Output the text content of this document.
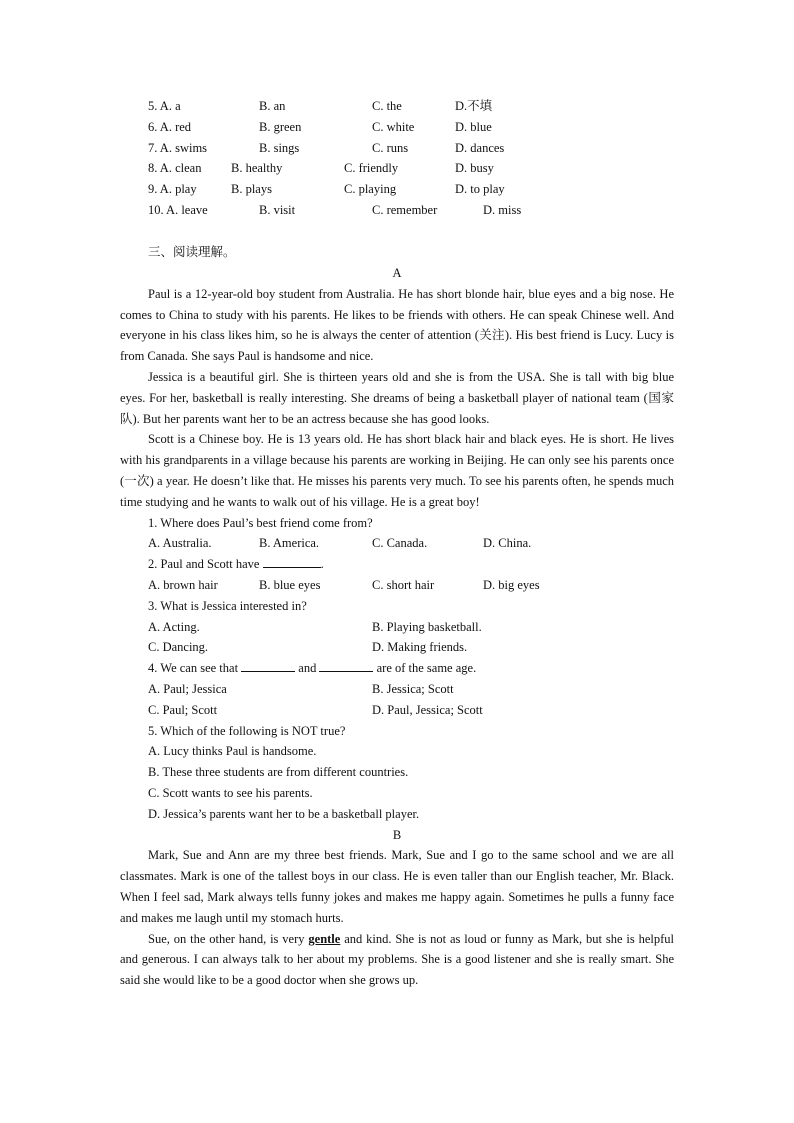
5. A. a	B. an	C. the	D.不填
6. A. red	B. green	C. white	D. blue
7. A. swims	B. sings	C. runs	D. dances
8. A. clean B. healthy	C. friendly	D. busy
9. A. play	B. plays	C. playing	D. to play
10. A. leave	B. visit	C. remember	D. miss
三、阅读理解。
A

Paul is a 12-year-old boy student from Australia. He has short blonde hair, blue eyes and a big nose. He comes to China to study with his parents. He likes to be friends with others. He can speak Chinese well. And everyone in his class likes him, so he is always the center of attention (关注). His best friend is Lucy. Lucy is from Canada. She says Paul is handsome and nice.

Jessica is a beautiful girl. She is thirteen years old and she is from the USA. She is tall with big blue eyes. For her, basketball is really interesting. She dreams of being a basketball player of national team (国家队). But her parents want her to be an actress because she has good looks.

Scott is a Chinese boy. He is 13 years old. He has short black hair and black eyes. He is short. He lives with his grandparents in a village because his parents are working in Beijing. He can only see his parents once (一次) a year. He doesn’t like that. He misses his parents very much. To see his parents often, he spends much time studying and he wants to walk out of his village. He is a great boy!

1. Where does Paul’s best friend come from?
A. Australia.	B. America.	C. Canada.	D. China.
2. Paul and Scott have	.
A. brown hair	B. blue eyes	C. short hair	D. big eyes
3. What is Jessica interested in?
A. Acting.	B. Playing basketball.
C. Dancing.	D. Making friends.
4. We can see that	and	are of the same age.
A. Paul; Jessica	B. Jessica; Scott
C. Paul; Scott	D. Paul, Jessica; Scott
5. Which of the following is NOT true?
A. Lucy thinks Paul is handsome.
B. These three students are from different countries.
C. Scott wants to see his parents.
D. Jessica’s parents want her to be a basketball player.
B

Mark, Sue and Ann are my three best friends. Mark, Sue and I go to the same school and we are all classmates. Mark is one of the tallest boys in our class. He is even taller than our English teacher, Mr. Black. When I feel sad, Mark always tells funny jokes and makes me happy again. Sometimes he pulls a funny face and makes me laugh until my stomach hurts.

Sue, on the other hand, is very gentle and kind. She is not as loud or funny as Mark, but she is helpful and generous. I can always talk to her about my problems. She is a good listener and she is really smart. She said she would like to be a good doctor when she grows up.
